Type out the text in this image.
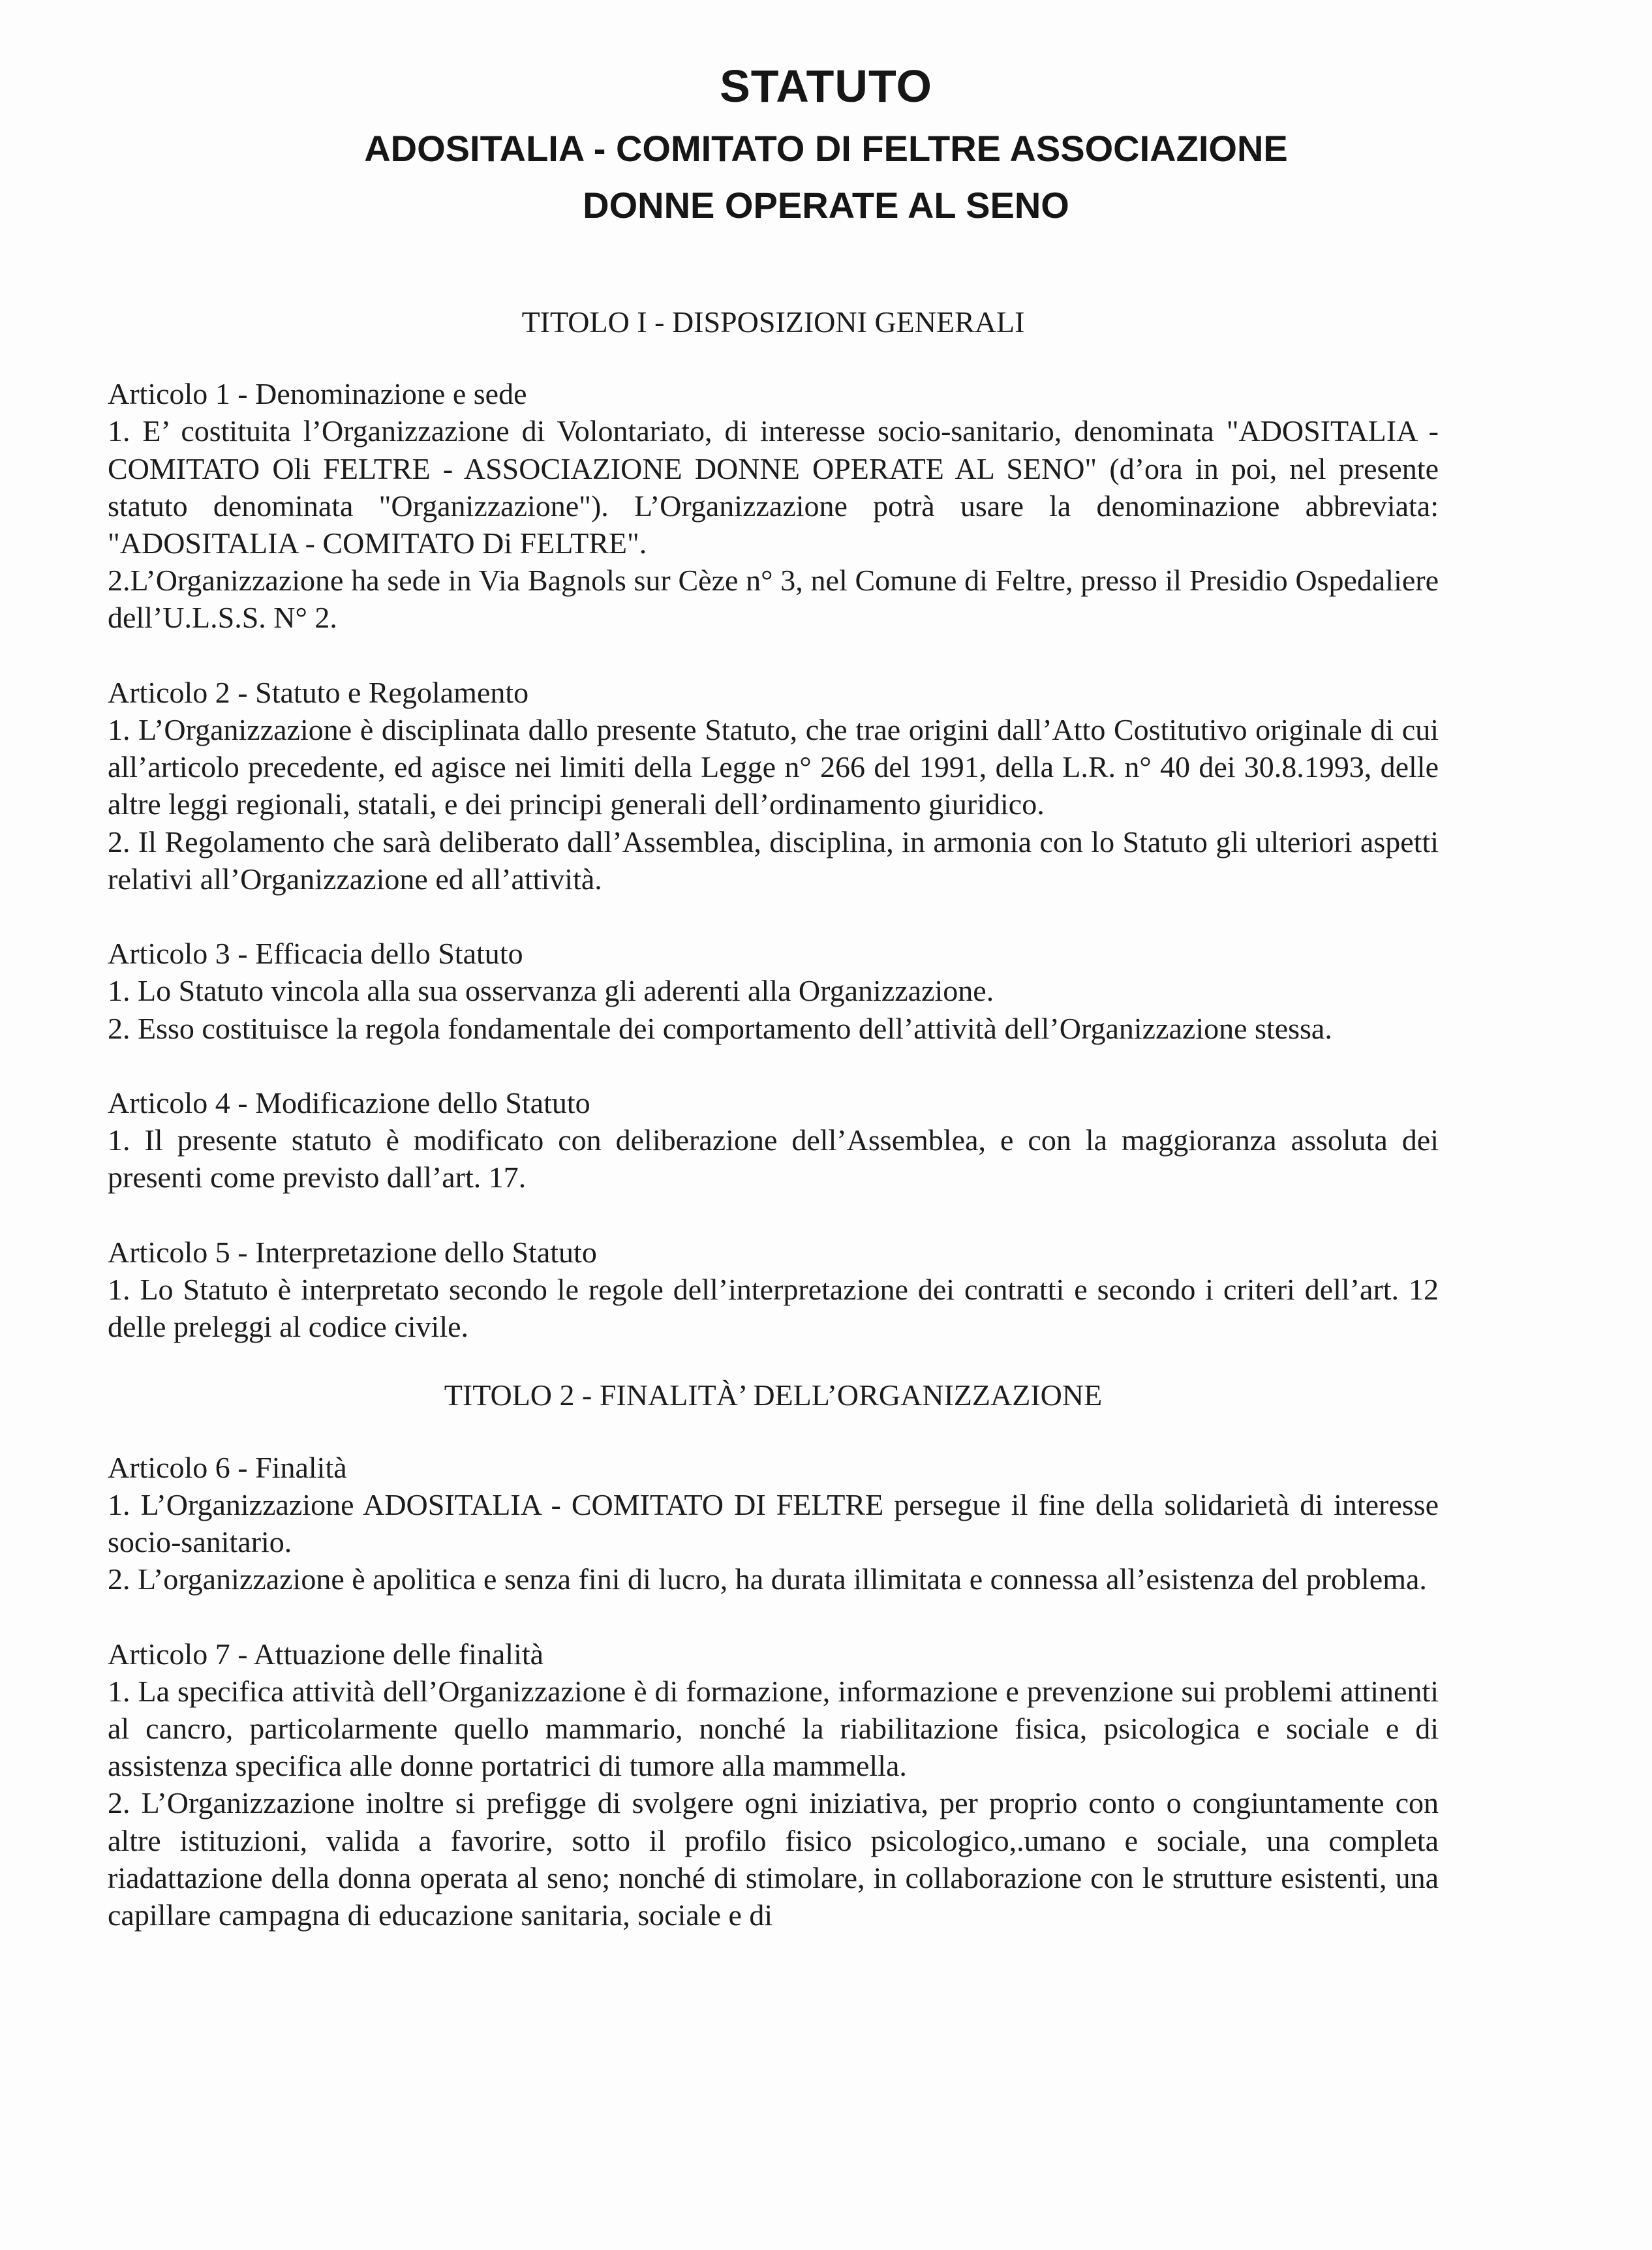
STATUTO
ADOSITALIA - COMITATO DI FELTRE ASSOCIAZIONE
DONNE OPERATE AL SENO
TITOLO I - DISPOSIZIONI GENERALI
Articolo 1 - Denominazione e sede
1. E’ costituita l’Organizzazione di Volontariato, di interesse socio-sanitario, denominata "ADOSITALIA - COMITATO Oli FELTRE - ASSOCIAZIONE DONNE OPERATE AL SENO" (d’ora in poi, nel presente statuto denominata "Organizzazione"). L’Organizzazione potrà usare la denominazione abbreviata: "ADOSITALIA - COMITATO Di FELTRE".
2.L’Organizzazione ha sede in Via Bagnols sur Cèze n° 3, nel Comune di Feltre, presso il Presidio Ospedaliere dell’U.L.S.S. N° 2.
Articolo 2 - Statuto e Regolamento
1. L’Organizzazione è disciplinata dallo presente Statuto, che trae origini dall’Atto Costitutivo originale di cui all’articolo precedente, ed agisce nei limiti della Legge n° 266 del 1991, della L.R. n° 40 dei 30.8.1993, delle altre leggi regionali, statali, e dei principi generali dell’ordinamento giuridico.
2. Il Regolamento che sarà deliberato dall’Assemblea, disciplina, in armonia con lo Statuto gli ulteriori aspetti relativi all’Organizzazione ed all’attività.
Articolo 3 - Efficacia dello Statuto
1. Lo Statuto vincola alla sua osservanza gli aderenti alla Organizzazione.
2. Esso costituisce la regola fondamentale dei comportamento dell’attività dell’Organizzazione stessa.
Articolo 4 - Modificazione dello Statuto
1. Il presente statuto è modificato con deliberazione dell’Assemblea, e con la maggioranza assoluta dei presenti come previsto dall’art. 17.
Articolo 5 - Interpretazione dello Statuto
1. Lo Statuto è interpretato secondo le regole dell’interpretazione dei contratti e secondo i criteri dell’art. 12 delle preleggi al codice civile.
TITOLO 2 - FINALITÀ’ DELL’ORGANIZZAZIONE
Articolo 6 - Finalità
1. L’Organizzazione ADOSITALIA - COMITATO DI FELTRE persegue il fine della solidarietà di interesse socio-sanitario.
2. L’organizzazione è apolitica e senza fini di lucro, ha durata illimitata e connessa all’esistenza del problema.
Articolo 7 - Attuazione delle finalità
1. La specifica attività dell’Organizzazione è di formazione, informazione e prevenzione sui problemi attinenti al cancro, particolarmente quello mammario, nonché la riabilitazione fisica, psicologica e sociale e di assistenza specifica alle donne portatrici di tumore alla mammella.
2. L’Organizzazione inoltre si prefigge di svolgere ogni iniziativa, per proprio conto o congiuntamente con altre istituzioni, valida a favorire, sotto il profilo fisico psicologico,.umano e sociale, una completa riadattazione della donna operata al seno; nonché di stimolare, in collaborazione con le strutture esistenti, una capillare campagna di educazione sanitaria, sociale e di
